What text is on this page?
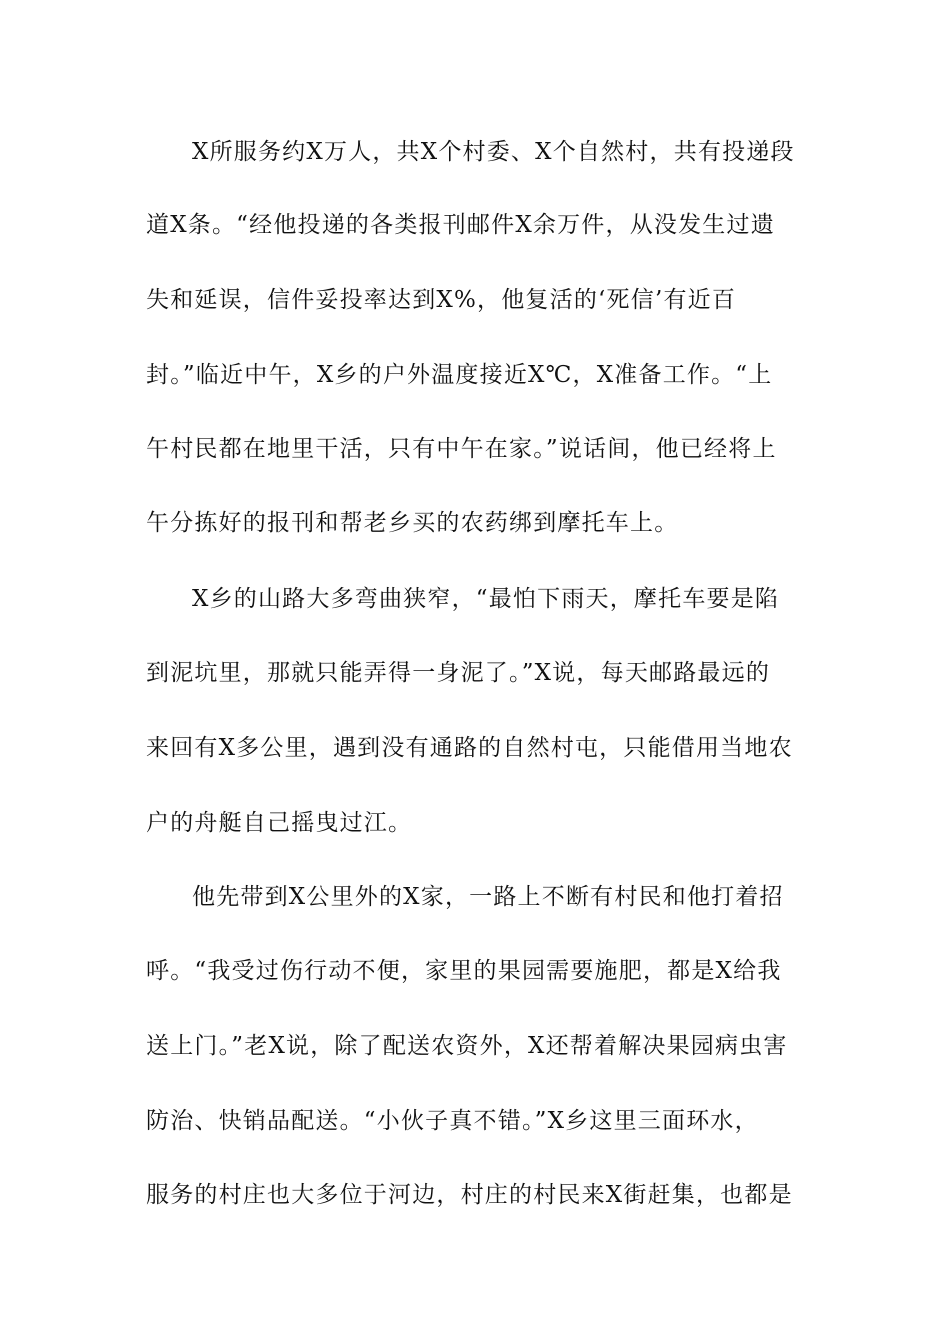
X所服务约X万人，共X个村委、X个自然村，共有投递段
道X条。“经他投递的各类报刊邮件X余万件，从没发生过遗
失和延误，信件妥投率达到X%，他复活的‘死信’有近百
封。”临近中午，X乡的户外温度接近X℃，X准备工作。“上
午村民都在地里干活，只有中午在家。”说话间，他已经将上
午分拣好的报刊和帮老乡买的农药绑到摩托车上。
X乡的山路大多弯曲狭窄，“最怕下雨天，摩托车要是陷
到泥坑里，那就只能弄得一身泥了。”X说，每天邮路最远的
来回有X多公里，遇到没有通路的自然村屯，只能借用当地农
户的舟艇自己摇曳过江。
他先带到X公里外的X家，一路上不断有村民和他打着招
呼。“我受过伤行动不便，家里的果园需要施肥，都是X给我
送上门。”老X说，除了配送农资外，X还帮着解决果园病虫害
防治、快销品配送。“小伙子真不错。”X乡这里三面环水，
服务的村庄也大多位于河边，村庄的村民来X街赶集，也都是
